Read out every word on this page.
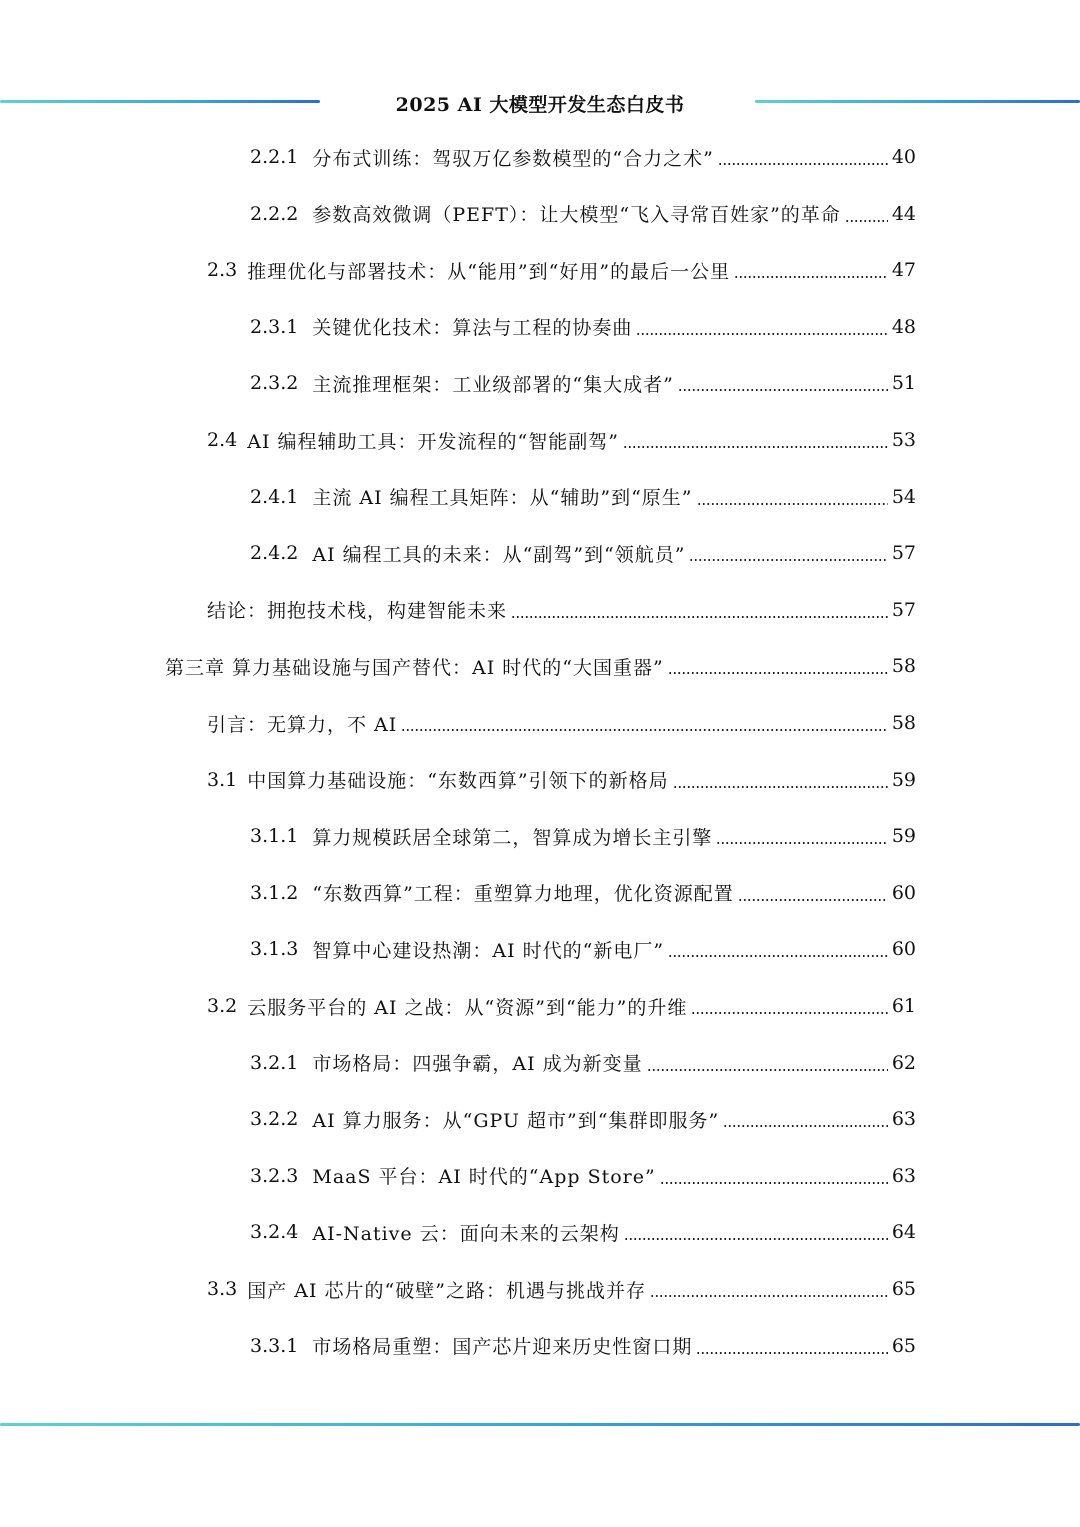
2025 AI 大模型开发生态白皮书
2.2.1 分布式训练：驾驭万亿参数模型的“合力之术”	40
2.2.2 参数高效微调（PEFT）：让大模型“飞入寻常百姓家”的革命	44
2.3 推理优化与部署技术：从“能用”到“好用”的最后一公里	47
2.3.1 关键优化技术：算法与工程的协奏曲	48
2.3.2 主流推理框架：工业级部署的“集大成者”	51
2.4 AI 编程辅助工具：开发流程的“智能副驾”	53
2.4.1 主流 AI 编程工具矩阵：从“辅助”到“原生”	54
2.4.2 AI 编程工具的未来：从“副驾”到“领航员”	57
结论：拥抱技术栈，构建智能未来	57
第三章 算力基础设施与国产替代：AI 时代的“大国重器”	58
引言：无算力，不 AI	58
3.1 中国算力基础设施：“东数西算”引领下的新格局	59
3.1.1 算力规模跃居全球第二，智算成为增长主引擎	59
3.1.2 “东数西算”工程：重塑算力地理，优化资源配置	60
3.1.3 智算中心建设热潮：AI 时代的“新电厂”	60
3.2 云服务平台的 AI 之战：从“资源”到“能力”的升维	61
3.2.1 市场格局：四强争霸，AI 成为新变量	62
3.2.2 AI 算力服务：从“GPU 超市”到“集群即服务”	63
3.2.3 MaaS 平台：AI 时代的“App Store”	63
3.2.4 AI-Native 云：面向未来的云架构	64
3.3 国产 AI 芯片的“破壁”之路：机遇与挑战并存	65
3.3.1 市场格局重塑：国产芯片迎来历史性窗口期	65
